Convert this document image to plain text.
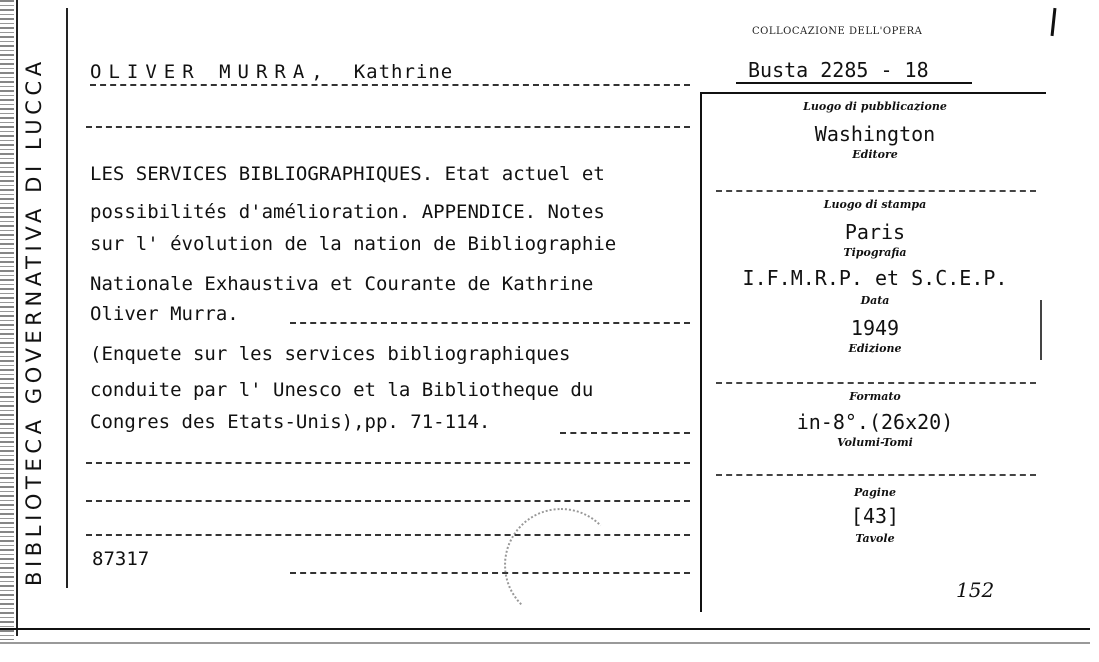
BIBLIOTECA GOVERNATIVA DI LUCCA
COLLOCAZIONE DELL'OPERA
OLIVER MURRA, Kathrine	Busta 2285 - 18
LES SERVICES BIBLIOGRAPHIQUES. Etat actuel et
possibilités d'amélioration. APPENDICE. Notes
sur l' évolution de la nation de Bibliographie
Nationale Exhaustiva et Courante de Kathrine
Oliver Murra.
(Enquete sur les services bibliographiques
conduite par l' Unesco et la Bibliotheque du
Congres des Etats-Unis),pp. 71-114.
87317
Luogo di pubblicazione
Washington
Editore
Luogo di stampa
Paris
Tipografia
I.F.M.R.P. et S.C.E.P.
Data
1949
Edizione
Formato
in-8°.(26x20)
Volumi-Tomi
Pagine
[43]
Tavole
152
